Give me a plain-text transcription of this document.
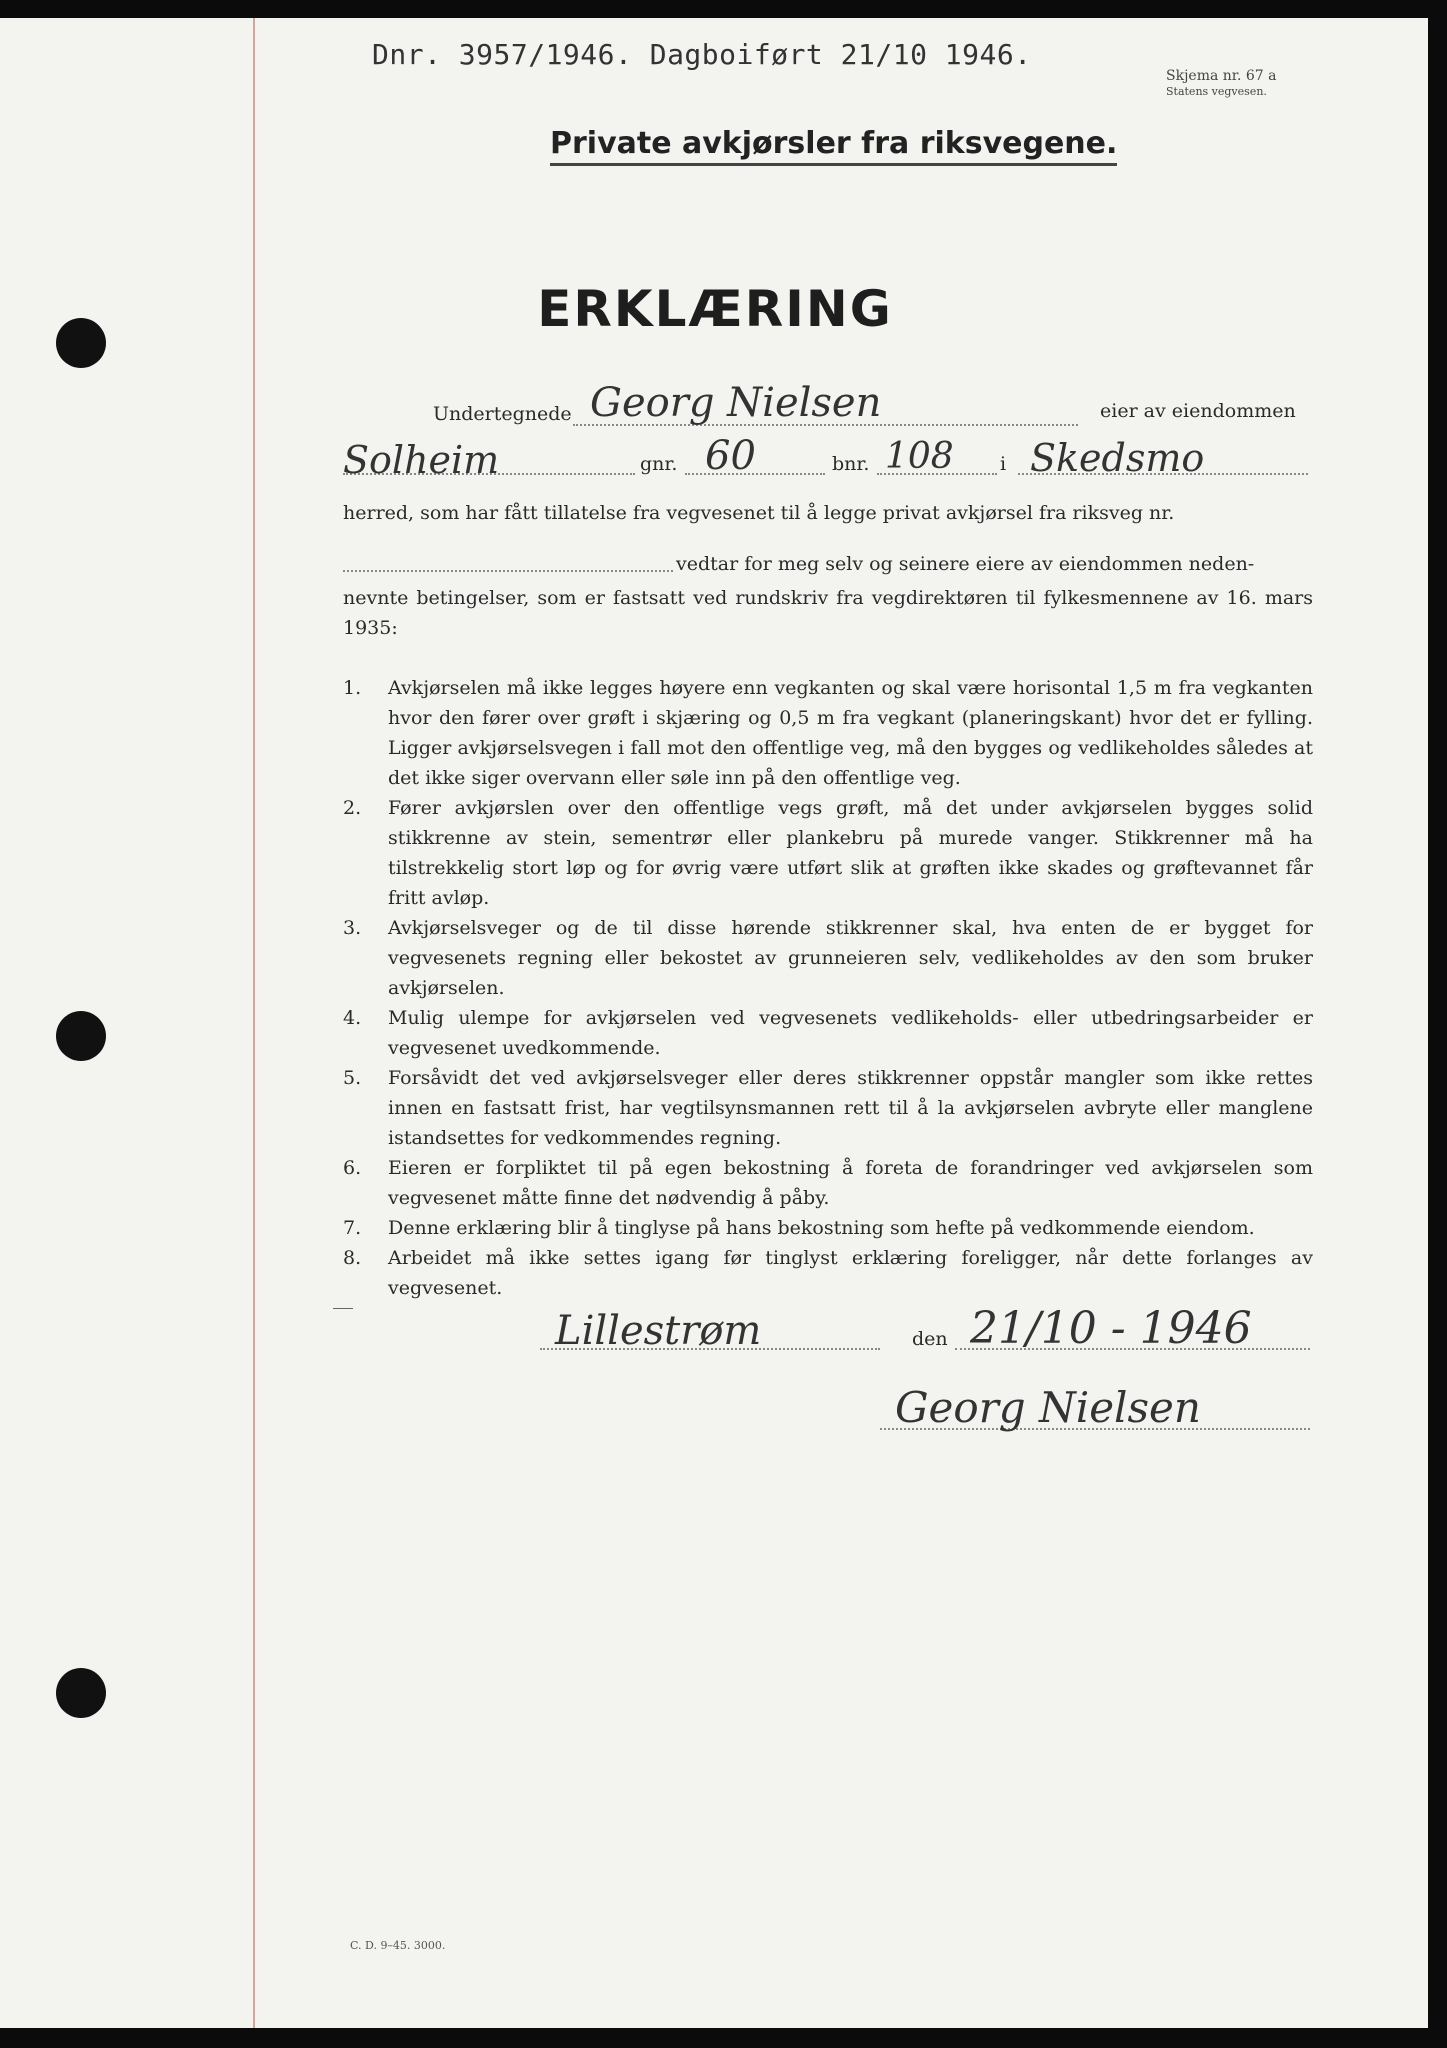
Dnr. 3957/1946. Dagboiført 21/10 1946.
Skjema nr. 67 a
Statens vegvesen.
Private avkjørsler fra riksvegene.
ERKLÆRING
Undertegnede Georg Nielsen	eier av eiendommen
Solheim	gnr. 60	bnr. 108 i Skedsmo
herred, som har fått tillatelse fra vegvesenet til å legge privat avkjørsel fra riksveg nr.
vedtar for meg selv og seinere eiere av eiendommen neden-
nevnte betingelser, som er fastsatt ved rundskriv fra vegdirektøren til fylkesmennene av 16. mars 1935:
1. Avkjørselen må ikke legges høyere enn vegkanten og skal være horisontal 1,5 m fra vegkanten hvor den fører over grøft i skjæring og 0,5 m fra vegkant (planeringskant) hvor det er fylling. Ligger avkjørselsvegen i fall mot den offentlige veg, må den bygges og vedlikeholdes således at det ikke siger overvann eller søle inn på den offentlige veg.
2. Fører avkjørslen over den offentlige vegs grøft, må det under avkjørselen bygges solid stikkrenne av stein, sementrør eller plankebru på murede vanger. Stikkrenner må ha tilstrekkelig stort løp og for øvrig være utført slik at grøften ikke skades og grøftevannet får fritt avløp.
3. Avkjørselsveger og de til disse hørende stikkrenner skal, hva enten de er bygget for vegvesenets regning eller bekostet av grunneieren selv, vedlikeholdes av den som bruker avkjørselen.
4. Mulig ulempe for avkjørselen ved vegvesenets vedlikeholds- eller utbedringsarbeider er vegvesenet uvedkommende.
5. Forsåvidt det ved avkjørselsveger eller deres stikkrenner oppstår mangler som ikke rettes innen en fastsatt frist, har vegtilsynsmannen rett til å la avkjørselen avbryte eller manglene istandsettes for vedkommendes regning.
6. Eieren er forpliktet til på egen bekostning å foreta de forandringer ved avkjørselen som vegvesenet måtte finne det nødvendig å påby.
7. Denne erklæring blir å tinglyse på hans bekostning som hefte på vedkommende eiendom.
8. Arbeidet må ikke settes igang før tinglyst erklæring foreligger, når dette forlanges av vegvesenet.
Lillestrøm	den 21/10 - 1946
Georg Nielsen
C. D. 9–45. 3000.
